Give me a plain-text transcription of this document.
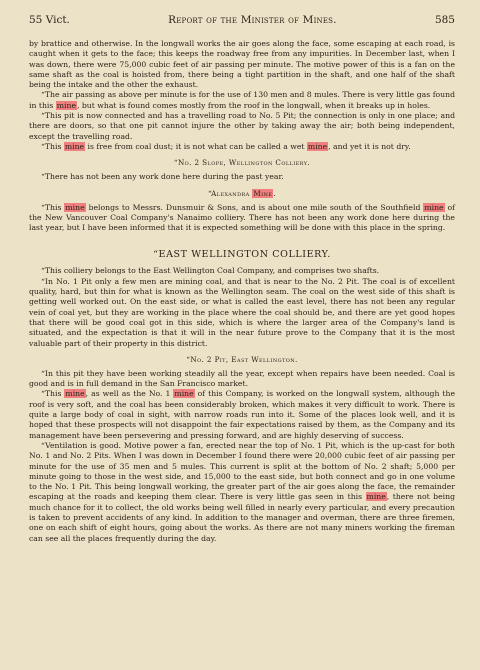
55 Vict.	Report of the Minister of Mines.	585

by brattice and otherwise. In the longwall works the air goes along the face, some escaping at each road, is caught when it gets to the face; this keeps the roadway free from any impurities. In December last, when I was down, there were 75,000 cubic feet of air passing per minute. The motive power of this is a fan on the same shaft as the coal is hoisted from, there being a tight partition in the shaft, and one half of the shaft being the intake and the other the exhaust.

“The air passing as above per minute is for the use of 130 men and 8 mules. There is very little gas found in this mine, but what is found comes mostly from the roof in the longwall, when it breaks up in holes.

“This pit is now connected and has a travelling road to No. 5 Pit; the connection is only in one place; and there are doors, so that one pit cannot injure the other by taking away the air; both being independent, except the travelling road.

“This mine is free from coal dust; it is not what can be called a wet mine, and yet it is not dry.

“No. 2 Slope, Wellington Colliery.

“There has not been any work done here during the past year.

“Alexandra Mine.

“This mine belongs to Messrs. Dunsmuir & Sons, and is about one mile south of the Southfield mine of the New Vancouver Coal Company's Nanaimo colliery. There has not been any work done here during the last year, but I have been informed that it is expected something will be done with this place in the spring.

“EAST WELLINGTON COLLIERY.

“This colliery belongs to the East Wellington Coal Company, and comprises two shafts.

“In No. 1 Pit only a few men are mining coal, and that is near to the No. 2 Pit. The coal is of excellent quality, hard, but thin for what is known as the Wellington seam. The coal on the west side of this shaft is getting well worked out. On the east side, or what is called the east level, there has not been any regular vein of coal yet, but they are working in the place where the coal should be, and there are yet good hopes that there will be good coal got in this side, which is where the larger area of the Company's land is situated, and the expectation is that it will in the near future prove to the Company that it is the most valuable part of their property in this district.

“No. 2 Pit, East Wellington.

“In this pit they have been working steadily all the year, except when repairs have been needed. Coal is good and is in full demand in the San Francisco market.

“This mine, as well as the No. 1 mine of this Company, is worked on the longwall system, although the roof is very soft, and the coal has been considerably broken, which makes it very difficult to work. There is quite a large body of coal in sight, with narrow roads run into it. Some of the places look well, and it is hoped that these prospects will not disappoint the fair expectations raised by them, as the Company and its management have been persevering and pressing forward, and are highly deserving of success.

“Ventilation is good. Motive power a fan, erected near the top of No. 1 Pit, which is the up-cast for both No. 1 and No. 2 Pits. When I was down in December I found there were 20,000 cubic feet of air passing per minute for the use of 35 men and 5 mules. This current is split at the bottom of No. 2 shaft; 5,000 per minute going to those in the west side, and 15,000 to the east side, but both connect and go in one volume to the No. 1 Pit. This being longwall working, the greater part of the air goes along the face, the remainder escaping at the roads and keeping them clear. There is very little gas seen in this mine, there not being much chance for it to collect, the old works being well filled in nearly every particular, and every precaution is taken to prevent accidents of any kind. In addition to the manager and overman, there are three firemen, one on each shift of eight hours, going about the works. As there are not many miners working the fireman can see all the places frequently during the day.
